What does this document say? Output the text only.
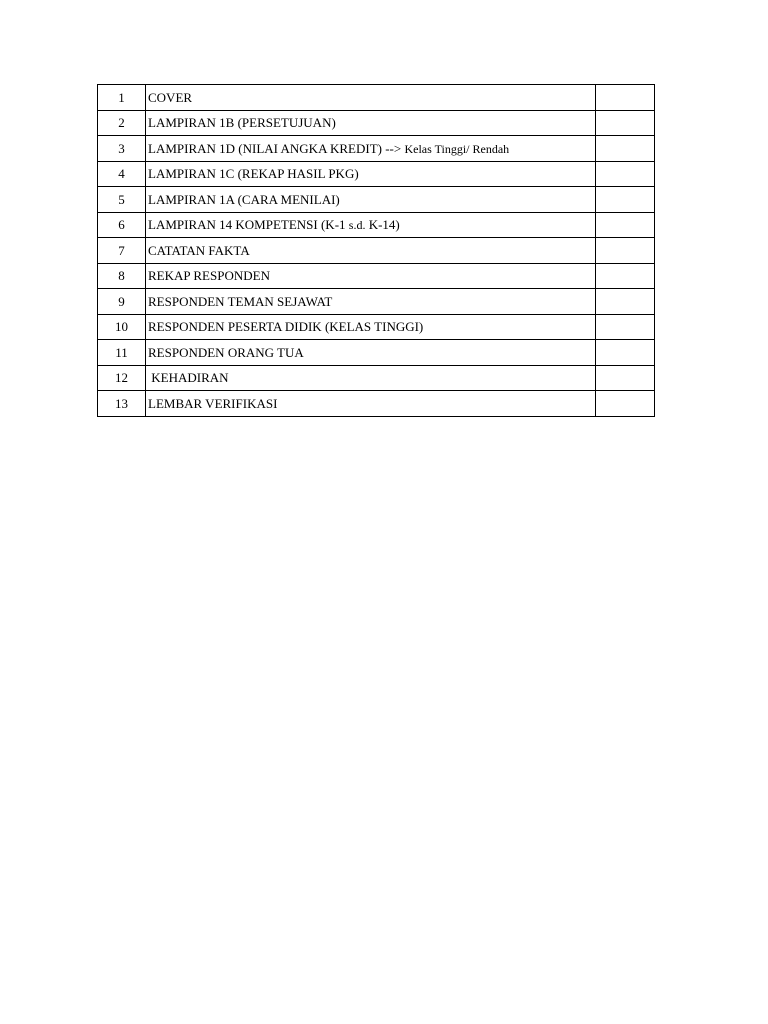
1	COVER	
2	LAMPIRAN 1B (PERSETUJUAN)	
3	LAMPIRAN 1D (NILAI ANGKA KREDIT) --> Kelas Tinggi/ Rendah	
4	LAMPIRAN 1C (REKAP HASIL PKG)	
5	LAMPIRAN 1A (CARA MENILAI)	
6	LAMPIRAN 14 KOMPETENSI (K-1 s.d. K-14)	
7	CATATAN FAKTA	
8	REKAP RESPONDEN	
9	RESPONDEN TEMAN SEJAWAT	
10	RESPONDEN PESERTA DIDIK (KELAS TINGGI)	
11	RESPONDEN ORANG TUA	
12	KEHADIRAN	
13	LEMBAR VERIFIKASI	
